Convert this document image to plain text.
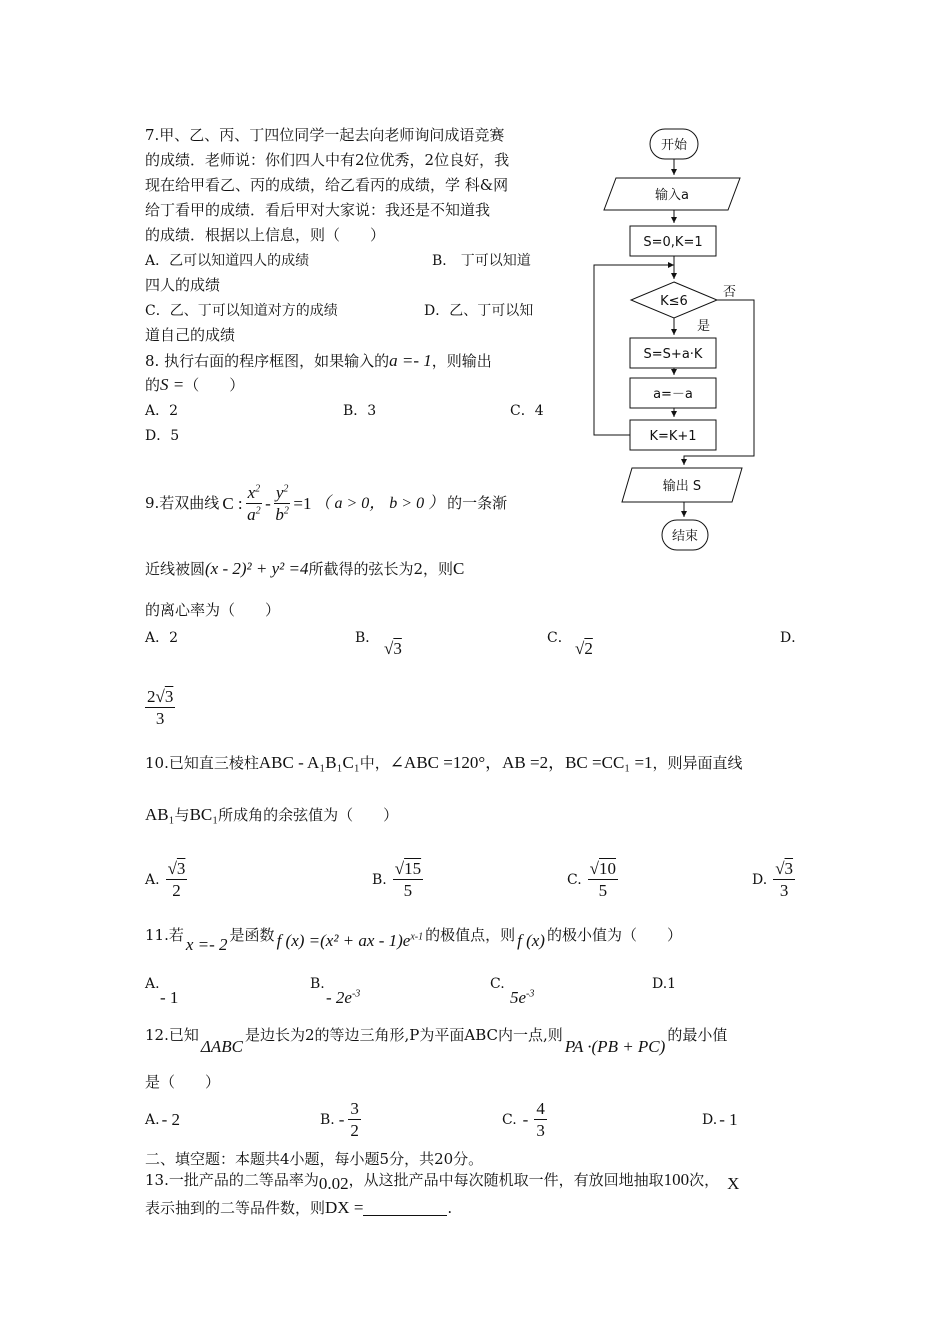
7.甲、乙、丙、丁四位同学一起去向老师询问成语竞赛
的成绩．老师说：你们四人中有2位优秀，2位良好，我
现在给甲看乙、丙的成绩，给乙看丙的成绩，学 科&网
给丁看甲的成绩．看后甲对大家说：我还是不知道我
的成绩．根据以上信息，则（　　）
A．乙可以知道四人的成绩	B． 丁可以知道
四人的成绩
C．乙、丁可以知道对方的成绩	D．乙、丁可以知
道自己的成绩
8. 执行右面的程序框图，如果输入的a =- 1，则输出
的S =（　　）
A．2	B．3	C．4
D．5
开始
输入a
S=0,K=1
K≤6
是
否
S=S+a·K
a=－a
K=K+1
输出 S
结束
9.若双曲线 C : $\frac{x^2}{a^2} - \frac{y^2}{b^2} =1$ （ a > 0， b > 0 ） 的一条渐
近线被圆(x - 2)² + y² =4所截得的弦长为2，则C
的离心率为（　　）
A．2	B．
√3
C．
√2
D．
$\frac{2√3}{3}$
10.已知直三棱柱ABC - A₁B₁C₁中，∠ABC =120°，AB =2，BC =CC₁ =1，则异面直线
AB₁与BC₁所成角的余弦值为（　　）
A. $\frac{√3}{2}$	B. $\frac{√15}{5}$	C. $\frac{√10}{5}$	D. $\frac{√3}{3}$
11.若 x =- 2 是函数 f (x) =(x² + ax - $1)e^{x-1}$ 的极值点，则 f (x) 的极小值为（　　）
A.
- 1
B.
- $2e^{-3}$
C.
$5e^{-3}$
D.1
12.已知
ΔABC
是边长为2的等边三角形,P为平面ABC内一点,则
PA ·(PB + PC)
的最小值
是（　　）
A. - 2	B. - $\frac{3}{2}$	C. - $\frac{4}{3}$	D. - 1
二、填空题：本题共4小题，每小题5分，共20分。
13.一批产品的二等品率为 0.02 ，从这批产品中每次随机取一件，有放回地抽取 100 次， X
表示抽到的二等品件数，则 DX =	.
